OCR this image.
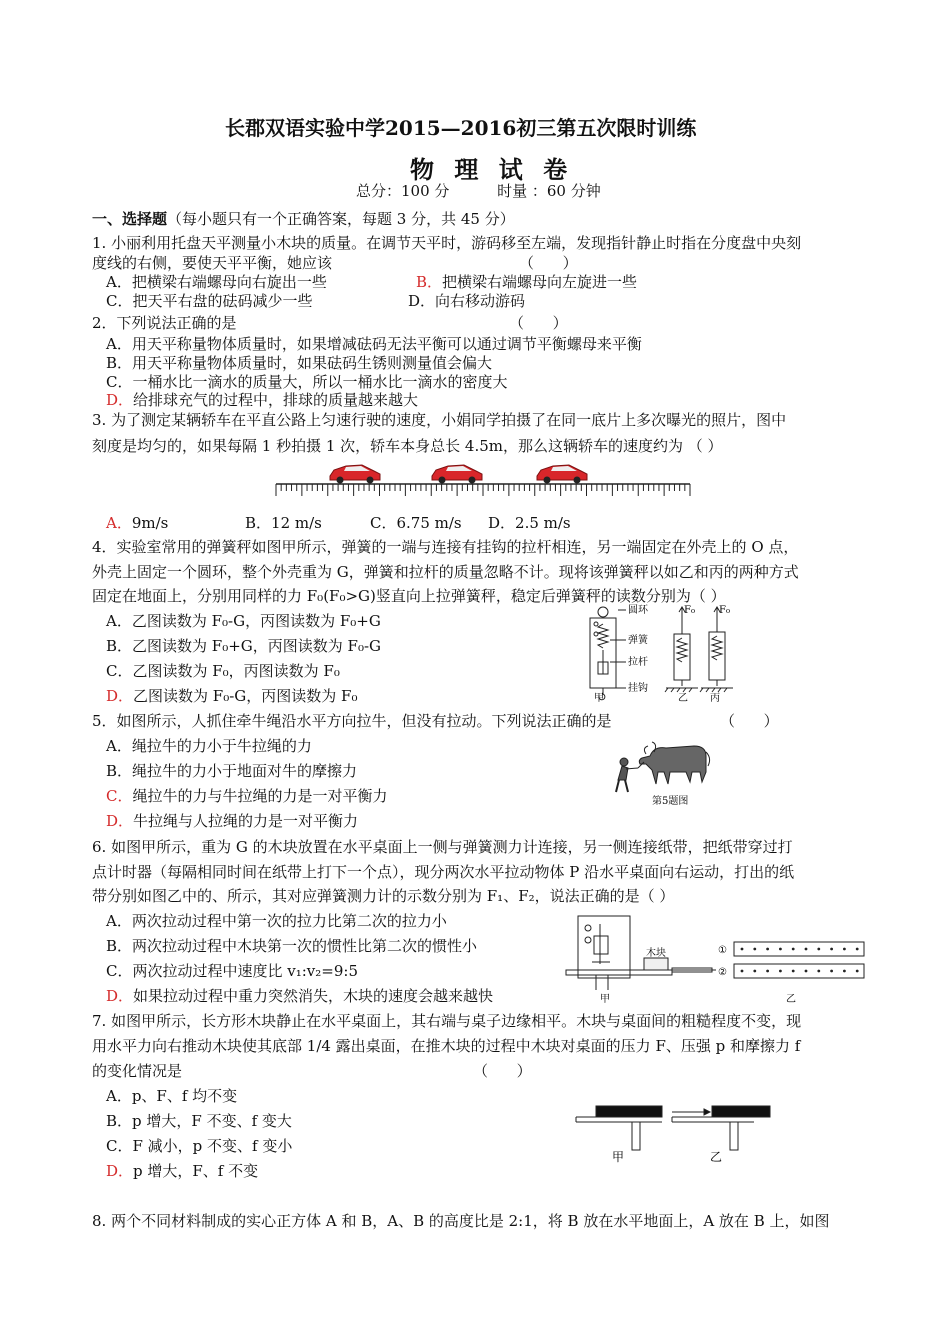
长郡双语实验中学2015—2016初三第五次限时训练
物 理 试 卷
总分：100 分          时量 ：60 分钟
一、选择题（每小题只有一个正确答案，每题 3 分，共 45 分）
1. 小丽利用托盘天平测量小木块的质量。在调节天平时，游码移至左端，发现指针静止时指在分度盘中央刻
度线的右侧，要使天平平衡，她应该	（      ）
A．把横梁右端螺母向右旋出一些	B．把横梁右端螺母向左旋进一些
C．把天平右盘的砝码减少一些	D．向右移动游码
2．下列说法正确的是	（      ）
A．用天平称量物体质量时，如果增减砝码无法平衡可以通过调节平衡螺母来平衡
B．用天平称量物体质量时，如果砝码生锈则测量值会偏大
C．一桶水比一滴水的质量大，所以一桶水比一滴水的密度大
D．给排球充气的过程中，排球的质量越来越大
3. 为了测定某辆轿车在平直公路上匀速行驶的速度，小娟同学拍摄了在同一底片上多次曝光的照片，图中
刻度是均匀的，如果每隔 1 秒拍摄 1 次，轿车本身总长 4.5m，那么这辆轿车的速度约为 （ ）
A．9m/s	B．12 m/s	C．6.75 m/s D．2.5 m/s
4．实验室常用的弹簧秤如图甲所示，弹簧的一端与连接有挂钩的拉杆相连，另一端固定在外壳上的 O 点，
外壳上固定一个圆环，整个外壳重为 G，弹簧和拉杆的质量忽略不计。现将该弹簧秤以如乙和丙的两种方式
固定在地面上，分别用同样的力 F₀(F₀>G)竖直向上拉弹簧秤，稳定后弹簧秤的读数分别为（ ）
A．乙图读数为 F₀-G，丙图读数为 F₀+G
B．乙图读数为 F₀+G，丙图读数为 F₀-G
C．乙图读数为 F₀，丙图读数为 F₀
D．乙图读数为 F₀-G，丙图读数为 F₀
圆环
弹簧
拉杆
挂钩
甲
F₀
乙
F₀
丙
5．如图所示，人抓住牵牛绳沿水平方向拉牛，但没有拉动。下列说法正确的是	（      ）
A．绳拉牛的力小于牛拉绳的力
B．绳拉牛的力小于地面对牛的摩擦力
C．绳拉牛的力与牛拉绳的力是一对平衡力
D．牛拉绳与人拉绳的力是一对平衡力
第5题图
6. 如图甲所示，重为 G 的木块放置在水平桌面上一侧与弹簧测力计连接，另一侧连接纸带，把纸带穿过打
点计时器（每隔相同时间在纸带上打下一个点），现分两次水平拉动物体 P 沿水平桌面向右运动，打出的纸
带分别如图乙中的、所示，其对应弹簧测力计的示数分别为 F₁、F₂，说法正确的是（ ）
A．两次拉动过程中第一次的拉力比第二次的拉力小
B．两次拉动过程中木块第一次的惯性比第二次的惯性小
C．两次拉动过程中速度比 v₁:v₂=9:5
D．如果拉动过程中重力突然消失，木块的速度会越来越快
木块
甲
①
②
乙
7. 如图甲所示，长方形木块静止在水平桌面上，其右端与桌子边缘相平。木块与桌面间的粗糙程度不变，现
用水平力向右推动木块使其底部 1/4 露出桌面，在推木块的过程中木块对桌面的压力 F、压强 p 和摩擦力 f
的变化情况是	（      ）
A．p、F、f 均不变
B．p 增大，F 不变、f 变大
C．F 减小，p 不变、f 变小
D．p 增大，F、f 不变
甲	乙
8. 两个不同材料制成的实心正方体 A 和 B，A、B 的高度比是 2:1，将 B 放在水平地面上，A 放在 B 上，如图
